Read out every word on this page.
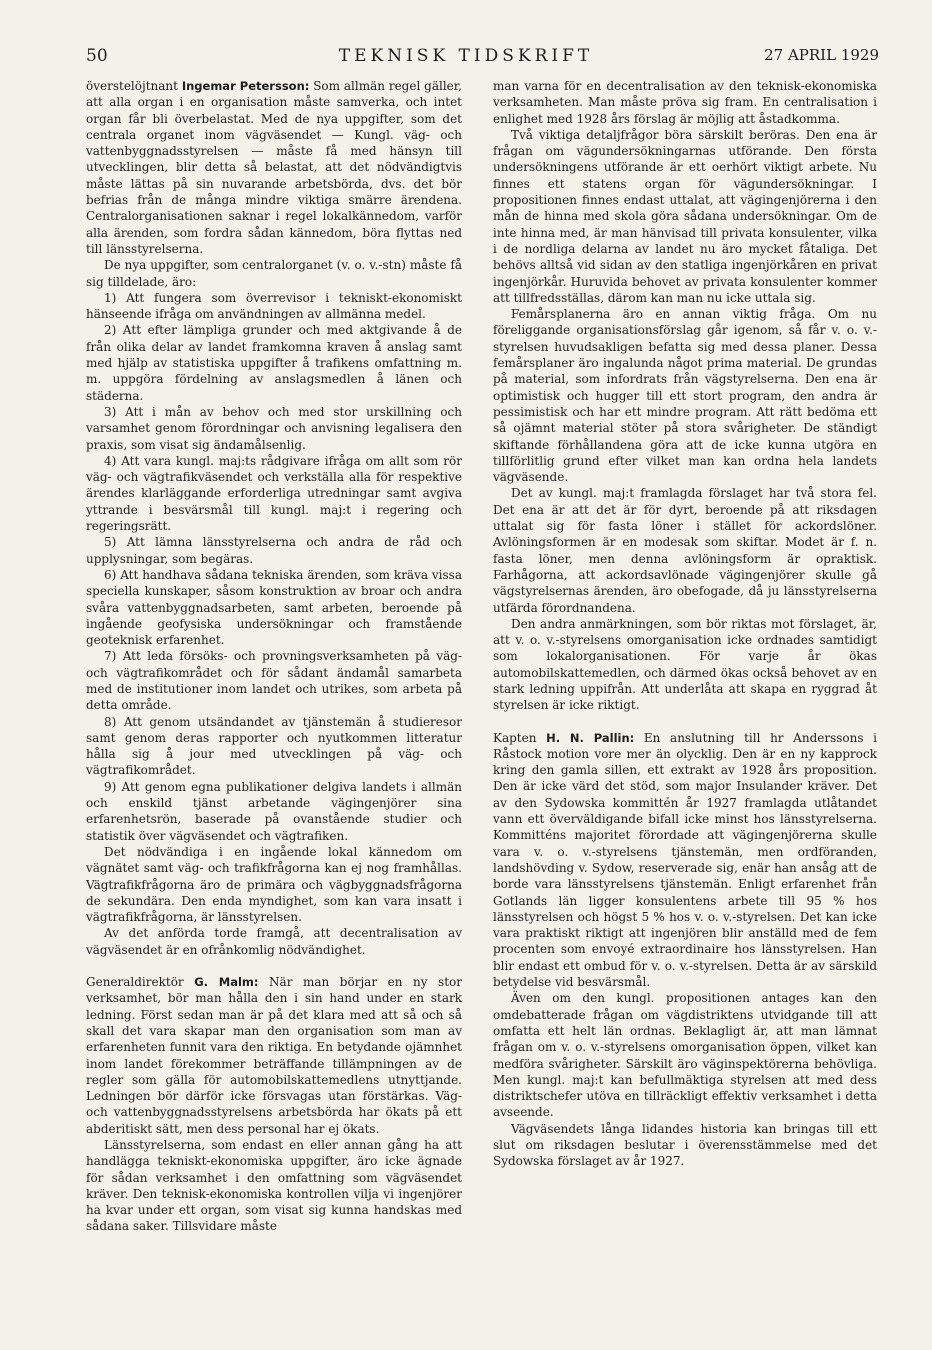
50	TEKNISK TIDSKRIFT	27 APRIL 1929

överstelöjtnant Ingemar Petersson: Som allmän regel gäller, att alla organ i en organisation måste samverka, och intet organ får bli överbelastat. Med de nya uppgifter, som det centrala organet inom vägväsendet — Kungl. väg- och vattenbyggnadsstyrelsen — måste få med hänsyn till utvecklingen, blir detta så belastat, att det nödvändigtvis måste lättas på sin nuvarande arbetsbörda, dvs. det bör befrias från de många mindre viktiga smärre ärendena. Centralorganisationen saknar i regel lokalkännedom, varför alla ärenden, som fordra sådan kännedom, böra flyttas ned till länsstyrelserna.

De nya uppgifter, som centralorganet (v. o. v.-stn) måste få sig tilldelade, äro:

1) Att fungera som överrevisor i tekniskt-ekonomiskt hänseende ifråga om användningen av allmänna medel.

2) Att efter lämpliga grunder och med aktgivande å de från olika delar av landet framkomna kraven å anslag samt med hjälp av statistiska uppgifter å trafikens omfattning m. m. uppgöra fördelning av anslagsmedlen å länen och städerna.

3) Att i mån av behov och med stor urskillning och varsamhet genom förordningar och anvisning legalisera den praxis, som visat sig ändamålsenlig.

4) Att vara kungl. maj:ts rådgivare ifråga om allt som rör väg- och vägtrafikväsendet och verkställa alla för respektive ärendes klarläggande erforderliga utredningar samt avgiva yttrande i besvärsmål till kungl. maj:t i regering och regeringsrätt.

5) Att lämna länsstyrelserna och andra de råd och upplysningar, som begäras.

6) Att handhava sådana tekniska ärenden, som kräva vissa speciella kunskaper, såsom konstruktion av broar och andra svåra vattenbyggnadsarbeten, samt arbeten, beroende på ingående geofysiska undersökningar och framstående geoteknisk erfarenhet.

7) Att leda försöks- och provningsverksamheten på väg- och vägtrafikområdet och för sådant ändamål samarbeta med de institutioner inom landet och utrikes, som arbeta på detta område.

8) Att genom utsändandet av tjänstemän å studieresor samt genom deras rapporter och nyutkommen litteratur hålla sig å jour med utvecklingen på väg- och vägtrafikområdet.

9) Att genom egna publikationer delgiva landets i allmän och enskild tjänst arbetande vägingenjörer sina erfarenhetsrön, baserade på ovanstående studier och statistik över vägväsendet och vägtrafiken.

Det nödvändiga i en ingående lokal kännedom om vägnätet samt väg- och trafikfrågorna kan ej nog framhållas. Vägtrafikfrågorna äro de primära och vägbyggnadsfrågorna de sekundära. Den enda myndighet, som kan vara insatt i vägtrafikfrågorna, är länsstyrelsen.

Av det anförda torde framgå, att decentralisation av vägväsendet är en ofrånkomlig nödvändighet.

Generaldirektör G. Malm: När man börjar en ny stor verksamhet, bör man hålla den i sin hand under en stark ledning. Först sedan man är på det klara med att så och så skall det vara skapar man den organisation som man av erfarenheten funnit vara den riktiga. En betydande ojämnhet inom landet förekommer beträffande tillämpningen av de regler som gälla för automobilskattemedlens utnyttjande. Ledningen bör därför icke försvagas utan förstärkas. Väg- och vattenbyggnadsstyrelsens arbetsbörda har ökats på ett abderitiskt sätt, men dess personal har ej ökats.

Länsstyrelserna, som endast en eller annan gång ha att handlägga tekniskt-ekonomiska uppgifter, äro icke ägnade för sådan verksamhet i den omfattning som vägväsendet kräver. Den teknisk-ekonomiska kontrollen vilja vi ingenjörer ha kvar under ett organ, som visat sig kunna handskas med sådana saker. Tillsvidare måste

man varna för en decentralisation av den teknisk-ekonomiska verksamheten. Man måste pröva sig fram. En centralisation i enlighet med 1928 års förslag är möjlig att åstadkomma.

Två viktiga detaljfrågor böra särskilt beröras. Den ena är frågan om vägundersökningarnas utförande. Den första undersökningens utförande är ett oerhört viktigt arbete. Nu finnes ett statens organ för vägundersökningar. I propositionen finnes endast uttalat, att vägingenjörerna i den mån de hinna med skola göra sådana undersökningar. Om de inte hinna med, är man hänvisad till privata konsulenter, vilka i de nordliga delarna av landet nu äro mycket fåtaliga. Det behövs alltså vid sidan av den statliga ingenjörkåren en privat ingenjörkår. Huruvida behovet av privata konsulenter kommer att tillfredsställas, därom kan man nu icke uttala sig.

Femårsplanerna äro en annan viktig fråga. Om nu föreliggande organisationsförslag går igenom, så får v. o. v.-styrelsen huvudsakligen befatta sig med dessa planer. Dessa femårsplaner äro ingalunda något prima material. De grundas på material, som infordrats från vägstyrelserna. Den ena är optimistisk och hugger till ett stort program, den andra är pessimistisk och har ett mindre program. Att rätt bedöma ett så ojämnt material stöter på stora svårigheter. De ständigt skiftande förhållandena göra att de icke kunna utgöra en tillförlitlig grund efter vilket man kan ordna hela landets vägväsende.

Det av kungl. maj:t framlagda förslaget har två stora fel. Det ena är att det är för dyrt, beroende på att riksdagen uttalat sig för fasta löner i stället för ackordslöner. Avlöningsformen är en modesak som skiftar. Modet är f. n. fasta löner, men denna avlöningsform är opraktisk. Farhågorna, att ackordsavlönade vägingenjörer skulle gå vägstyrelsernas ärenden, äro obefogade, då ju länsstyrelserna utfärda förordnandena.

Den andra anmärkningen, som bör riktas mot förslaget, är, att v. o. v.-styrelsens omorganisation icke ordnades samtidigt som lokalorganisationen. För varje år ökas automobilskattemedlen, och därmed ökas också behovet av en stark ledning uppifrån. Att underlåta att skapa en ryggrad åt styrelsen är icke riktigt.

Kapten H. N. Pallin: En anslutning till hr Anderssons i Råstock motion vore mer än olycklig. Den är en ny kapprock kring den gamla sillen, ett extrakt av 1928 års proposition. Den är icke värd det stöd, som major Insulander kräver. Det av den Sydowska kommittén år 1927 framlagda utlåtandet vann ett överväldigande bifall icke minst hos länsstyrelserna. Kommitténs majoritet förordade att vägingenjörerna skulle vara v. o. v.-styrelsens tjänstemän, men ordföranden, landshövding v. Sydow, reserverade sig, enär han ansåg att de borde vara länsstyrelsens tjänstemän. Enligt erfarenhet från Gotlands län ligger konsulentens arbete till 95 % hos länsstyrelsen och högst 5 % hos v. o. v.-styrelsen. Det kan icke vara praktiskt riktigt att ingenjören blir anställd med de fem procenten som envoyé extraordinaire hos länsstyrelsen. Han blir endast ett ombud för v. o. v.-styrelsen. Detta är av särskild betydelse vid besvärsmål.

Även om den kungl. propositionen antages kan den omdebatterade frågan om vägdistriktens utvidgande till att omfatta ett helt län ordnas. Beklagligt är, att man lämnat frågan om v. o. v.-styrelsens omorganisation öppen, vilket kan medföra svårigheter. Särskilt äro väginspektörerna behövliga. Men kungl. maj:t kan befullmäktiga styrelsen att med dess distriktschefer utöva en tillräckligt effektiv verksamhet i detta avseende.

Vägväsendets långa lidandes historia kan bringas till ett slut om riksdagen beslutar i överensstämmelse med det Sydowska förslaget av år 1927.
